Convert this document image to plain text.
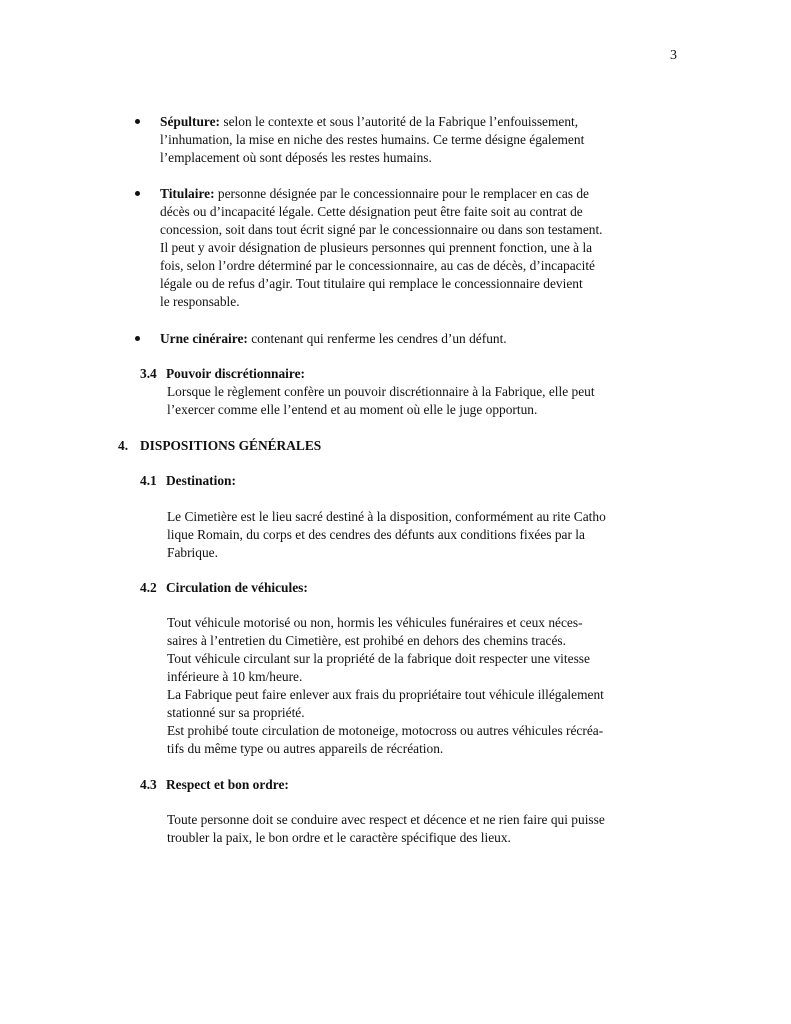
3
Sépulture: selon le contexte et sous l’autorité de la Fabrique l’enfouissement,
l’inhumation, la mise en niche des restes humains. Ce terme désigne également
l’emplacement où sont déposés les restes humains.
Titulaire: personne désignée par le concessionnaire pour le remplacer en cas de
décès ou d’incapacité légale. Cette désignation peut être faite soit au contrat de
concession, soit dans tout écrit signé par le concessionnaire ou dans son testament.
Il peut y avoir désignation de plusieurs personnes qui prennent fonction, une à la
fois, selon l’ordre déterminé par le concessionnaire, au cas de décès, d’incapacité
légale ou de refus d’agir. Tout titulaire qui remplace le concessionnaire devient
le responsable.
Urne cinéraire: contenant qui renferme les cendres d’un défunt.
3.4 Pouvoir discrétionnaire:
Lorsque le règlement confère un pouvoir discrétionnaire à la Fabrique, elle peut
l’exercer comme elle l’entend et au moment où elle le juge opportun.
4. DISPOSITIONS GÉNÉRALES
4.1 Destination:
Le Cimetière est le lieu sacré destiné à la disposition, conformément au rite Catho
lique Romain, du corps et des cendres des défunts aux conditions fixées par la
Fabrique.
4.2 Circulation de véhicules:
Tout véhicule motorisé ou non, hormis les véhicules funéraires et ceux néces-
saires à l’entretien du Cimetière, est prohibé en dehors des chemins tracés.
Tout véhicule circulant sur la propriété de la fabrique doit respecter une vitesse
inférieure à 10 km/heure.
La Fabrique peut faire enlever aux frais du propriétaire tout véhicule illégalement
stationné sur sa propriété.
Est prohibé toute circulation de motoneige, motocross ou autres véhicules récréa-
tifs du même type ou autres appareils de récréation.
4.3 Respect et bon ordre:
Toute personne doit se conduire avec respect et décence et ne rien faire qui puisse
troubler la paix, le bon ordre et le caractère spécifique des lieux.
